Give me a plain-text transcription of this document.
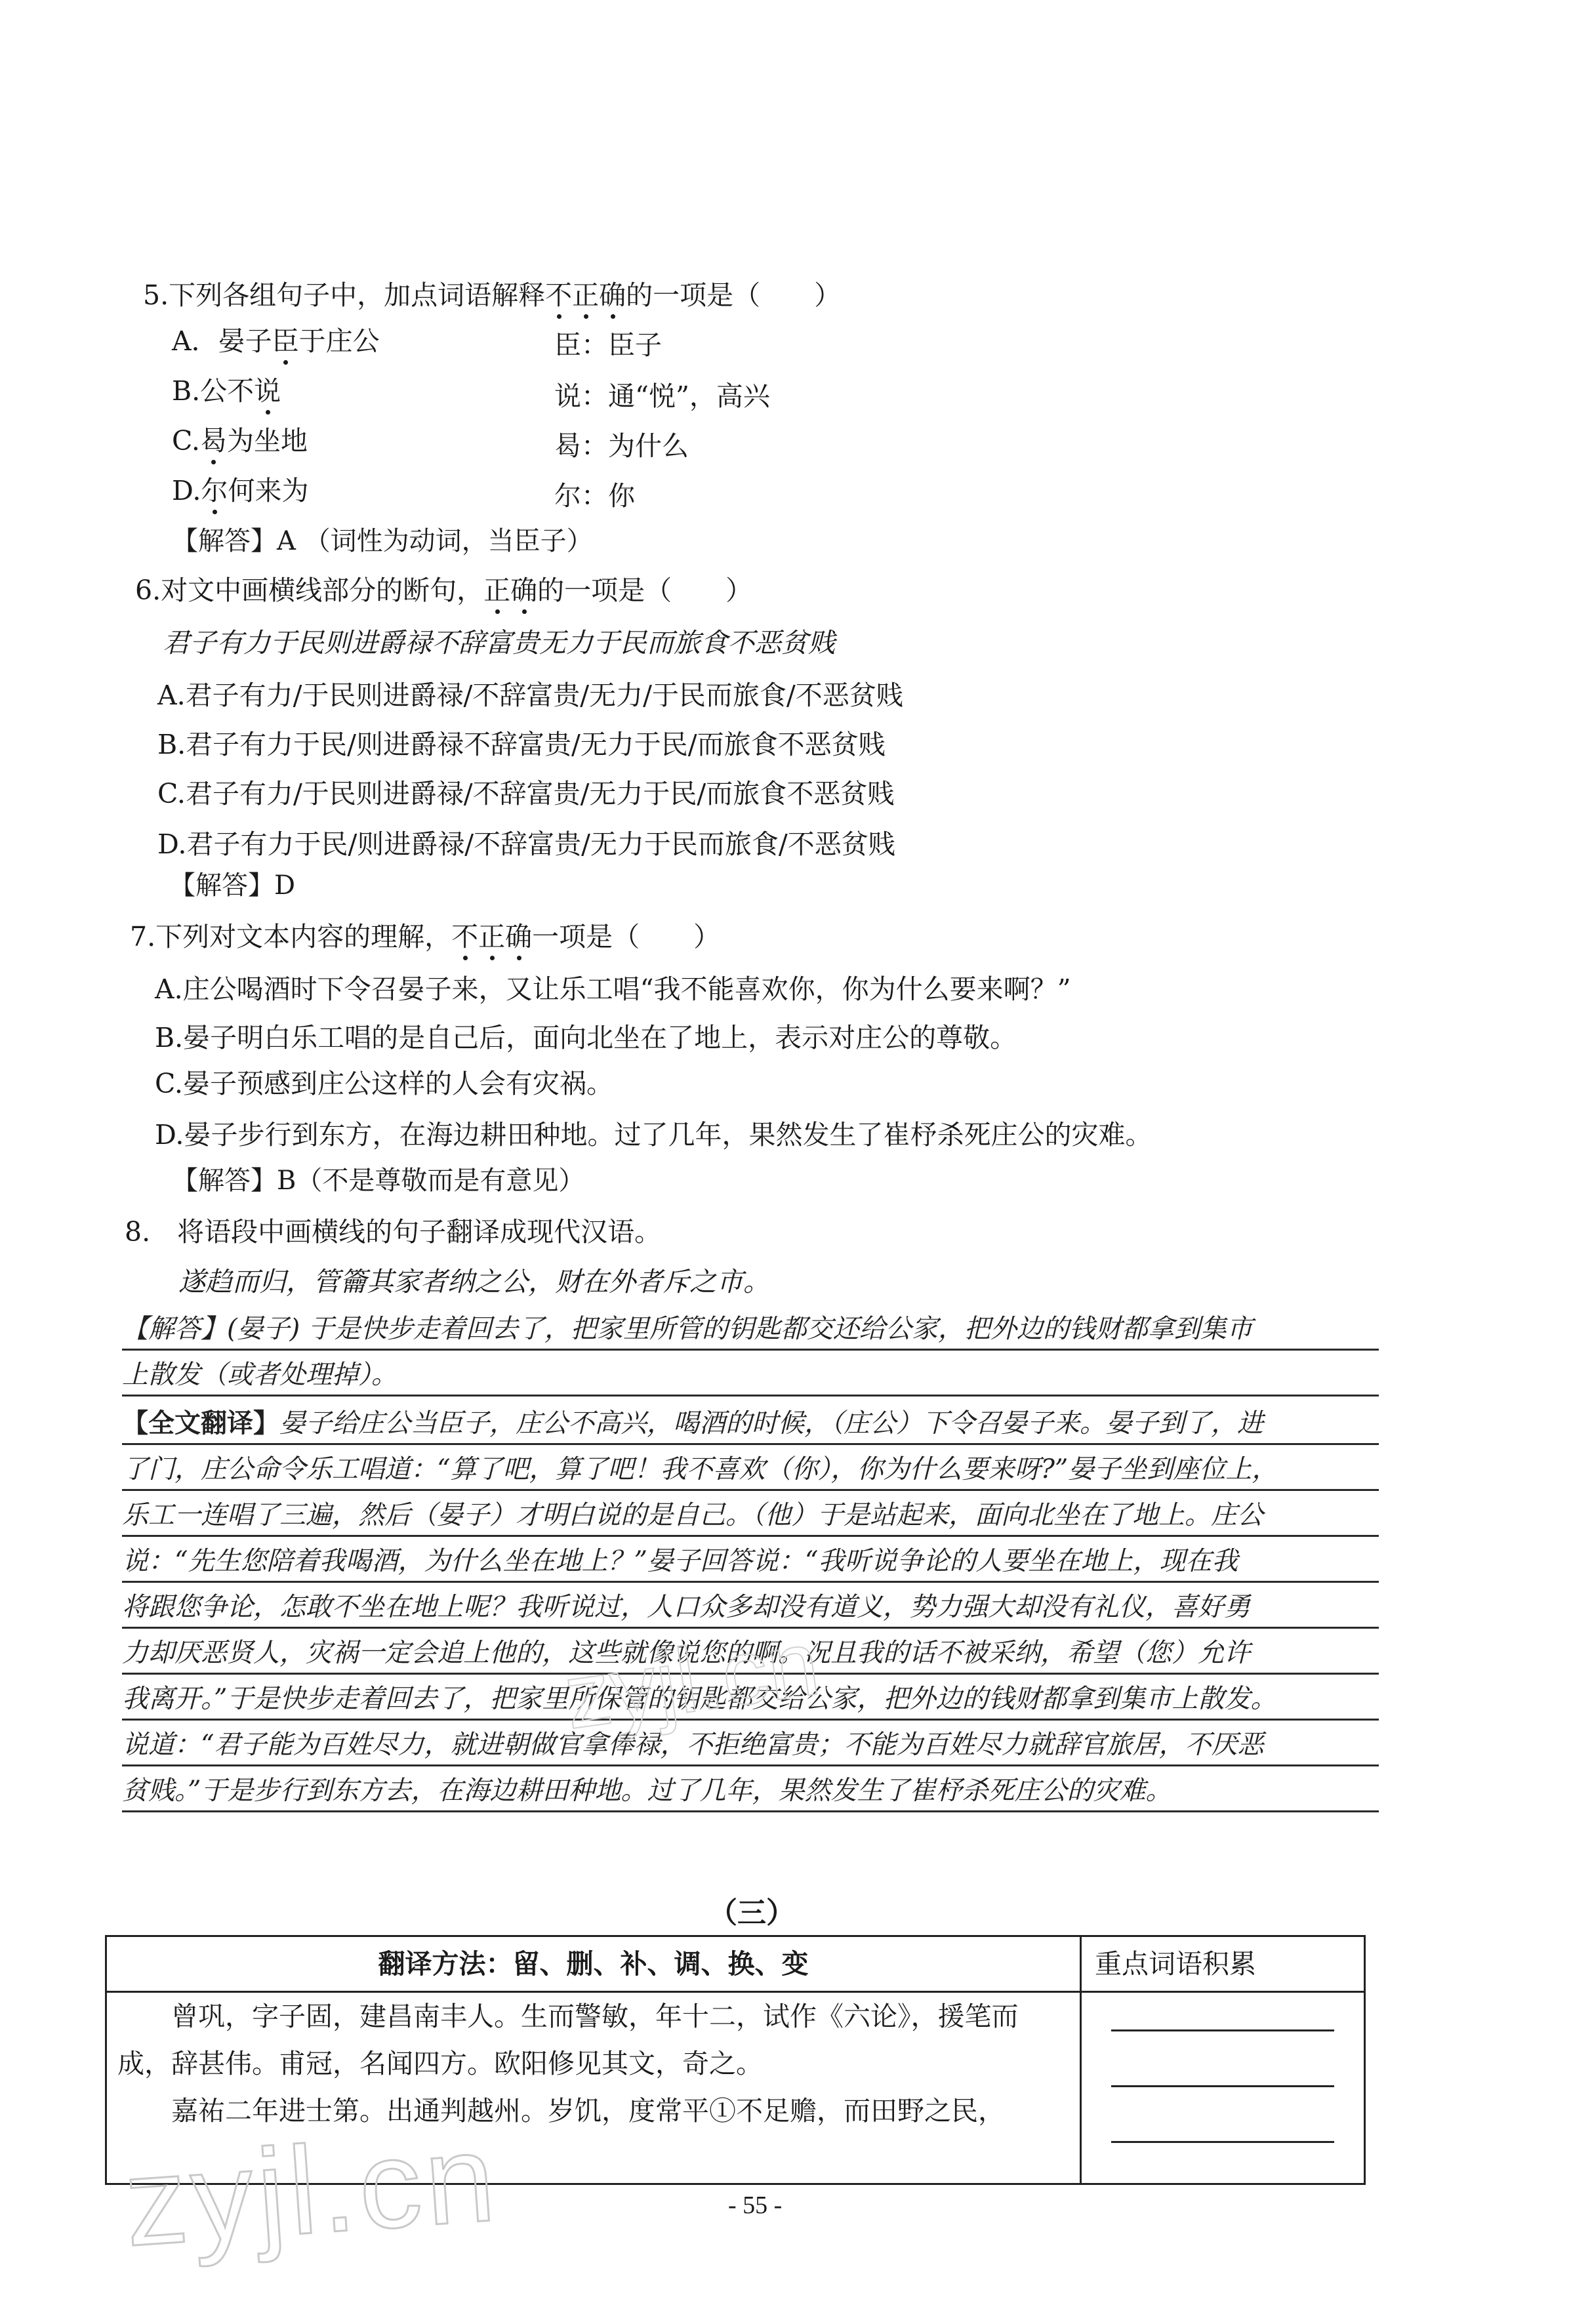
5.下列各组句子中，加点词语解释不正确的一项是（　　）
A．晏子臣于庄公	臣：臣子
B.公不说	说：通“悦”，高兴
C.曷为坐地	曷：为什么
D.尔何来为	尔：你
【解答】A （词性为动词，当臣子）
6.对文中画横线部分的断句，正确的一项是（　　）
君子有力于民则进爵禄不辞富贵无力于民而旅食不恶贫贱
A.君子有力/于民则进爵禄/不辞富贵/无力/于民而旅食/不恶贫贱
B.君子有力于民/则进爵禄不辞富贵/无力于民/而旅食不恶贫贱
C.君子有力/于民则进爵禄/不辞富贵/无力于民/而旅食不恶贫贱
D.君子有力于民/则进爵禄/不辞富贵/无力于民而旅食/不恶贫贱
【解答】D
7.下列对文本内容的理解，不正确一项是（　　）
A.庄公喝酒时下令召晏子来，又让乐工唱“我不能喜欢你，你为什么要来啊？”
B.晏子明白乐工唱的是自己后，面向北坐在了地上，表示对庄公的尊敬。
C.晏子预感到庄公这样的人会有灾祸。
D.晏子步行到东方，在海边耕田种地。过了几年，果然发生了崔杼杀死庄公的灾难。
【解答】B（不是尊敬而是有意见）
8.　将语段中画横线的句子翻译成现代汉语。
遂趋而归，管籥其家者纳之公，财在外者斥之市。
【解答】(晏子) 于是快步走着回去了，把家里所管的钥匙都交还给公家，把外边的钱财都拿到集市
上散发（或者处理掉）。
【全文翻译】晏子给庄公当臣子，庄公不高兴，喝酒的时候，（庄公）下令召晏子来。晏子到了，进
了门，庄公命令乐工唱道：“算了吧，算了吧！我不喜欢（你），你为什么要来呀?”晏子坐到座位上，
乐工一连唱了三遍，然后（晏子）才明白说的是自己。（他）于是站起来，面向北坐在了地上。庄公
说：“先生您陪着我喝酒，为什么坐在地上？”晏子回答说：“我听说争论的人要坐在地上，现在我
将跟您争论，怎敢不坐在地上呢？我听说过，人口众多却没有道义，势力强大却没有礼仪，喜好勇
力却厌恶贤人，灾祸一定会追上他的，这些就像说您的啊。况且我的话不被采纳，希望（您）允许
我离开。”于是快步走着回去了，把家里所保管的钥匙都交给公家，把外边的钱财都拿到集市上散发。
说道：“君子能为百姓尽力，就进朝做官拿俸禄，不拒绝富贵；不能为百姓尽力就辞官旅居，不厌恶
贫贱。”于是步行到东方去，在海边耕田种地。过了几年，果然发生了崔杼杀死庄公的灾难。
（三）
翻译方法：留、删、补、调、换、变	重点词语积累

曾巩，字子固，建昌南丰人。生而警敏，年十二，试作《六论》，援笔而成，辞甚伟。甫冠，名闻四方。欧阳修见其文，奇之。

嘉祐二年进士第。出通判越州。岁饥，度常平①不足赡，而田野之民，	

- 55 -
zyjl.cn
zyjl.cn
